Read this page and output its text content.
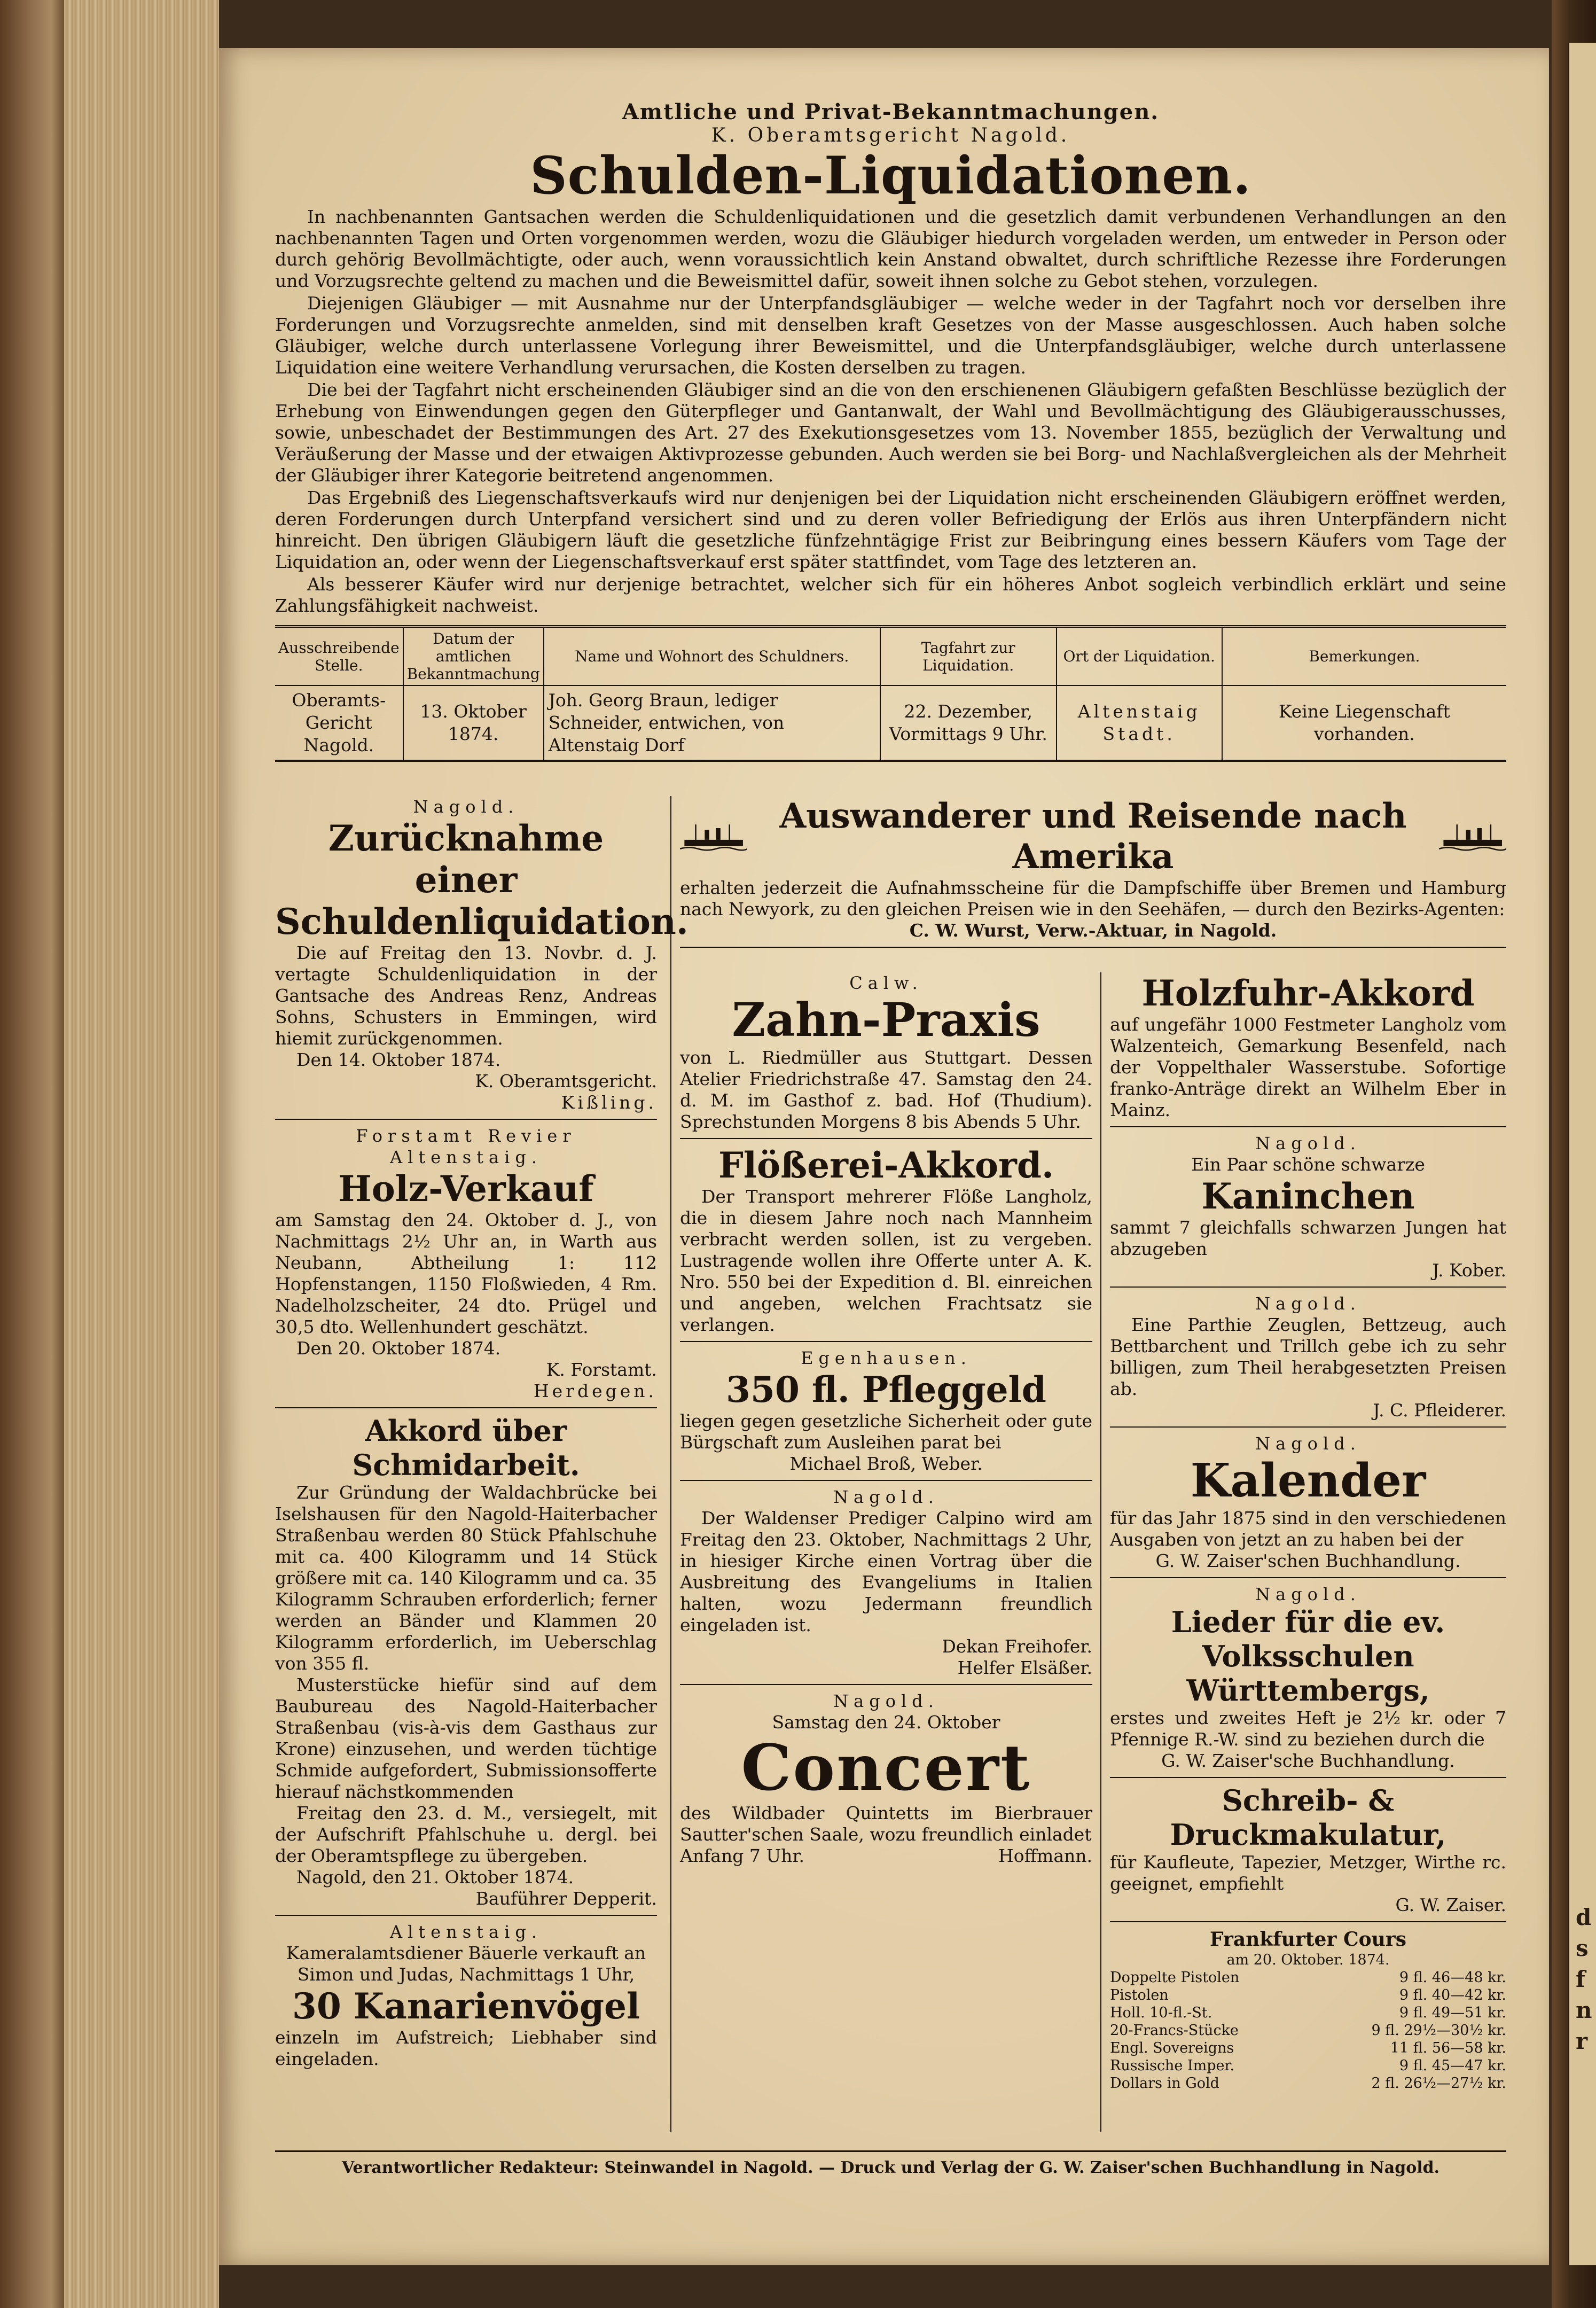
d
s
f
n
r
Amtliche und Privat-Bekanntmachungen.
K. Oberamtsgericht Nagold.
Schulden-Liquidationen.

In nachbenannten Gantsachen werden die Schuldenliquidationen und die gesetzlich damit verbundenen Verhandlungen an den nachbenannten Tagen und Orten vorgenommen werden, wozu die Gläubiger hiedurch vorgeladen werden, um entweder in Person oder durch gehörig Bevollmächtigte, oder auch, wenn voraussichtlich kein Anstand obwaltet, durch schriftliche Rezesse ihre Forderungen und Vorzugsrechte geltend zu machen und die Beweismittel dafür, soweit ihnen solche zu Gebot stehen, vorzulegen.

Diejenigen Gläubiger — mit Ausnahme nur der Unterpfandsgläubiger — welche weder in der Tagfahrt noch vor derselben ihre Forderungen und Vorzugsrechte anmelden, sind mit denselben kraft Gesetzes von der Masse ausgeschlossen. Auch haben solche Gläubiger, welche durch unterlassene Vorlegung ihrer Beweismittel, und die Unterpfandsgläubiger, welche durch unterlassene Liquidation eine weitere Verhandlung verursachen, die Kosten derselben zu tragen.

Die bei der Tagfahrt nicht erscheinenden Gläubiger sind an die von den erschienenen Gläubigern gefaßten Beschlüsse bezüglich der Erhebung von Einwendungen gegen den Güterpfleger und Gantanwalt, der Wahl und Bevollmächtigung des Gläubigerausschusses, sowie, unbeschadet der Bestimmungen des Art. 27 des Exekutionsgesetzes vom 13. November 1855, bezüglich der Verwaltung und Veräußerung der Masse und der etwaigen Aktivprozesse gebunden. Auch werden sie bei Borg- und Nachlaßvergleichen als der Mehrheit der Gläubiger ihrer Kategorie beitretend angenommen.

Das Ergebniß des Liegenschaftsverkaufs wird nur denjenigen bei der Liquidation nicht erscheinenden Gläubigern eröffnet werden, deren Forderungen durch Unterpfand versichert sind und zu deren voller Befriedigung der Erlös aus ihren Unterpfändern nicht hinreicht. Den übrigen Gläubigern läuft die gesetzliche fünfzehntägige Frist zur Beibringung eines bessern Käufers vom Tage der Liquidation an, oder wenn der Liegenschaftsverkauf erst später stattfindet, vom Tage des letzteren an.

Als besserer Käufer wird nur derjenige betrachtet, welcher sich für ein höheres Anbot sogleich verbindlich erklärt und seine Zahlungsfähigkeit nachweist.

Ausschreibende Stelle.	Datum der amtlichen Bekanntmachung	Name und Wohnort des Schuldners.	Tagfahrt zur Liquidation.	Ort der Liquidation.	Bemerkungen.
Oberamts-Gericht Nagold.	13. Oktober 1874.	Joh. Georg Braun, lediger Schneider, entwichen, von Altenstaig Dorf	22. Dezember, Vormittags 9 Uhr.	Altenstaig Stadt.	Keine Liegenschaft vorhanden.
Nagold.
Zurücknahme einer Schuldenliquidation.

Die auf Freitag den 13. Novbr. d. J. vertagte Schuldenliquidation in der Gantsache des Andreas Renz, Andreas Sohns, Schusters in Emmingen, wird hiemit zurückgenommen.

Den 14. Oktober 1874.

K. Oberamtsgericht.

Kißling.

Forstamt Revier Altenstaig.
Holz-Verkauf

am Samstag den 24. Oktober d. J., von Nachmittags 2½ Uhr an, in Warth aus Neubann, Abtheilung 1: 112 Hopfenstangen, 1150 Floßwieden, 4 Rm. Nadelholzscheiter, 24 dto. Prügel und 30,5 dto. Wellenhundert geschätzt.

Den 20. Oktober 1874.

K. Forstamt.

Herdegen.

Akkord über Schmidarbeit.

Zur Gründung der Waldachbrücke bei Iselshausen für den Nagold-Haiterbacher Straßenbau werden 80 Stück Pfahlschuhe mit ca. 400 Kilogramm und 14 Stück größere mit ca. 140 Kilogramm und ca. 35 Kilogramm Schrauben erforderlich; ferner werden an Bänder und Klammen 20 Kilogramm erforderlich, im Ueberschlag von 355 fl.

Musterstücke hiefür sind auf dem Baubureau des Nagold-Haiterbacher Straßenbau (vis-à-vis dem Gasthaus zur Krone) einzusehen, und werden tüchtige Schmide aufgefordert, Submissionsofferte hierauf nächstkommenden

Freitag den 23. d. M., versiegelt, mit der Aufschrift Pfahlschuhe u. dergl. bei der Oberamtspflege zu übergeben.

Nagold, den 21. Oktober 1874.

Bauführer Depperit.

Altenstaig.

Kameralamtsdiener Bäuerle verkauft an Simon und Judas, Nachmittags 1 Uhr,

30 Kanarienvögel

einzeln im Aufstreich; Liebhaber sind eingeladen.

Auswanderer und Reisende nach Amerika

erhalten jederzeit die Aufnahmsscheine für die Dampfschiffe über Bremen und Hamburg nach Newyork, zu den gleichen Preisen wie in den Seehäfen, — durch den Bezirks-Agenten:

C. W. Wurst, Verw.-Aktuar, in Nagold.

Calw.
Zahn-Praxis

von L. Riedmüller aus Stuttgart. Dessen Atelier Friedrichstraße 47. Samstag den 24. d. M. im Gasthof z. bad. Hof (Thudium). Sprechstunden Morgens 8 bis Abends 5 Uhr.

Flößerei-Akkord.

Der Transport mehrerer Flöße Langholz, die in diesem Jahre noch nach Mannheim verbracht werden sollen, ist zu vergeben. Lustragende wollen ihre Offerte unter A. K. Nro. 550 bei der Expedition d. Bl. einreichen und angeben, welchen Frachtsatz sie verlangen.

Egenhausen.
350 fl. Pfleggeld

liegen gegen gesetzliche Sicherheit oder gute Bürgschaft zum Ausleihen parat bei

Michael Broß, Weber.

Nagold.

Der Waldenser Prediger Calpino wird am Freitag den 23. Oktober, Nachmittags 2 Uhr, in hiesiger Kirche einen Vortrag über die Ausbreitung des Evangeliums in Italien halten, wozu Jedermann freundlich eingeladen ist.

Dekan Freihofer.

Helfer Elsäßer.

Nagold.

Samstag den 24. Oktober

Concert

des Wildbader Quintetts im Bierbrauer Sautter'schen Saale, wozu freundlich einladet

Anfang 7 Uhr.	Hoffmann.
Holzfuhr-Akkord

auf ungefähr 1000 Festmeter Langholz vom Walzenteich, Gemarkung Besenfeld, nach der Voppelthaler Wasserstube. Sofortige franko-Anträge direkt an Wilhelm Eber in Mainz.

Nagold.

Ein Paar schöne schwarze

Kaninchen

sammt 7 gleichfalls schwarzen Jungen hat abzugeben

J. Kober.

Nagold.

Eine Parthie Zeuglen, Bettzeug, auch Bettbarchent und Trillch gebe ich zu sehr billigen, zum Theil herabgesetzten Preisen ab.

J. C. Pfleiderer.

Nagold.
Kalender

für das Jahr 1875 sind in den verschiedenen Ausgaben von jetzt an zu haben bei der

G. W. Zaiser'schen Buchhandlung.

Nagold.
Lieder für die ev. Volksschulen Württembergs,

erstes und zweites Heft je 2½ kr. oder 7 Pfennige R.-W. sind zu beziehen durch die

G. W. Zaiser'sche Buchhandlung.

Schreib- & Druckmakulatur,

für Kaufleute, Tapezier, Metzger, Wirthe rc. geeignet, empfiehlt

G. W. Zaiser.

Frankfurter Cours
am 20. Oktober. 1874.
Doppelte Pistolen	9 fl. 46—48 kr.
Pistolen	9 fl. 40—42 kr.
Holl. 10-fl.-St.	9 fl. 49—51 kr.
20-Francs-Stücke	9 fl. 29½—30½ kr.
Engl. Sovereigns	11 fl. 56—58 kr.
Russische Imper.	9 fl. 45—47 kr.
Dollars in Gold	2 fl. 26½—27½ kr.
Verantwortlicher Redakteur: Steinwandel in Nagold. — Druck und Verlag der G. W. Zaiser'schen Buchhandlung in Nagold.
